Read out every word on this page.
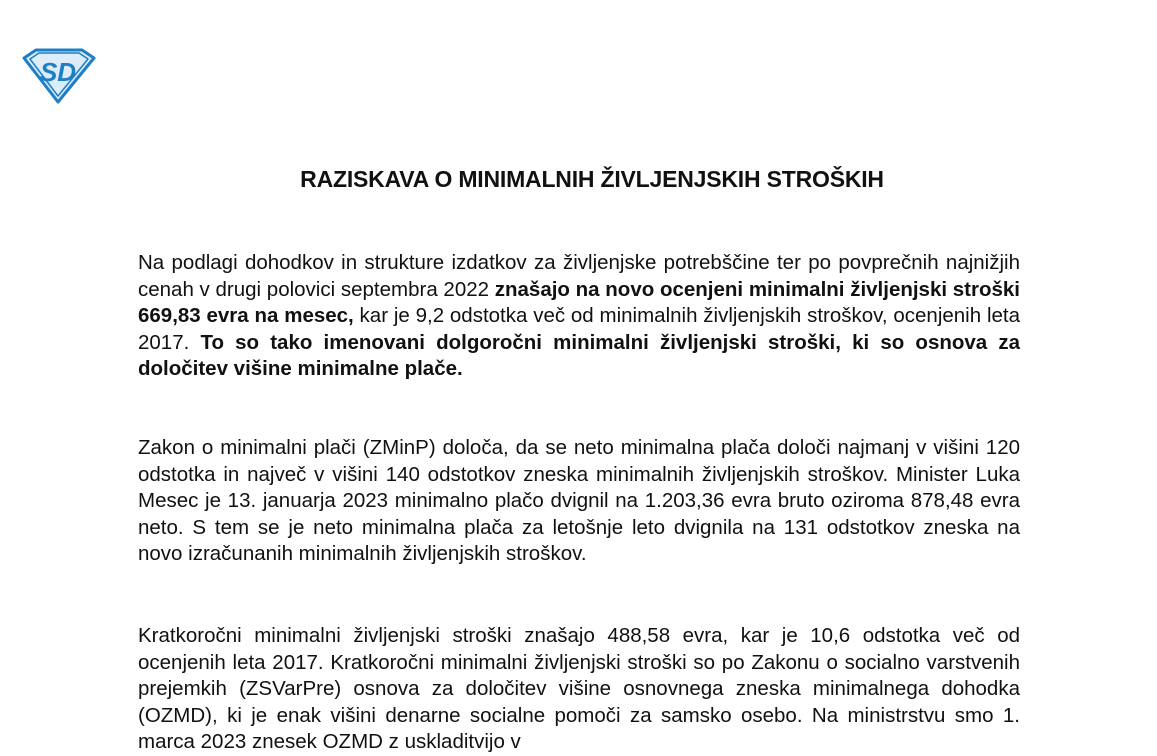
SD
RAZISKAVA O MINIMALNIH ŽIVLJENJSKIH STROŠKIH

Na podlagi dohodkov in strukture izdatkov za življenjske potrebščine ter po povprečnih najnižjih cenah v drugi polovici septembra 2022 znašajo na novo ocenjeni minimalni življenjski stroški 669,83 evra na mesec, kar je 9,2 odstotka več od minimalnih življenjskih stroškov, ocenjenih leta 2017. To so tako imenovani dolgoročni minimalni življenjski stroški, ki so osnova za določitev višine minimalne plače.

Zakon o minimalni plači (ZMinP) določa, da se neto minimalna plača določi najmanj v višini 120 odstotka in največ v višini 140 odstotkov zneska minimalnih življenjskih stroškov. Minister Luka Mesec je 13. januarja 2023 minimalno plačo dvignil na 1.203,36 evra bruto oziroma 878,48 evra neto. S tem se je neto minimalna plača za letošnje leto dvignila na 131 odstotkov zneska na novo izračunanih minimalnih življenjskih stroškov.

Kratkoročni minimalni življenjski stroški znašajo 488,58 evra, kar je 10,6 odstotka več od ocenjenih leta 2017. Kratkoročni minimalni življenjski stroški so po Zakonu o socialno varstvenih prejemkih (ZSVarPre) osnova za določitev višine osnovnega zneska minimalnega dohodka (OZMD), ki je enak višini denarne socialne pomoči za samsko osebo. Na ministrstvu smo 1. marca 2023 znesek OZMD z uskladitvijo v
